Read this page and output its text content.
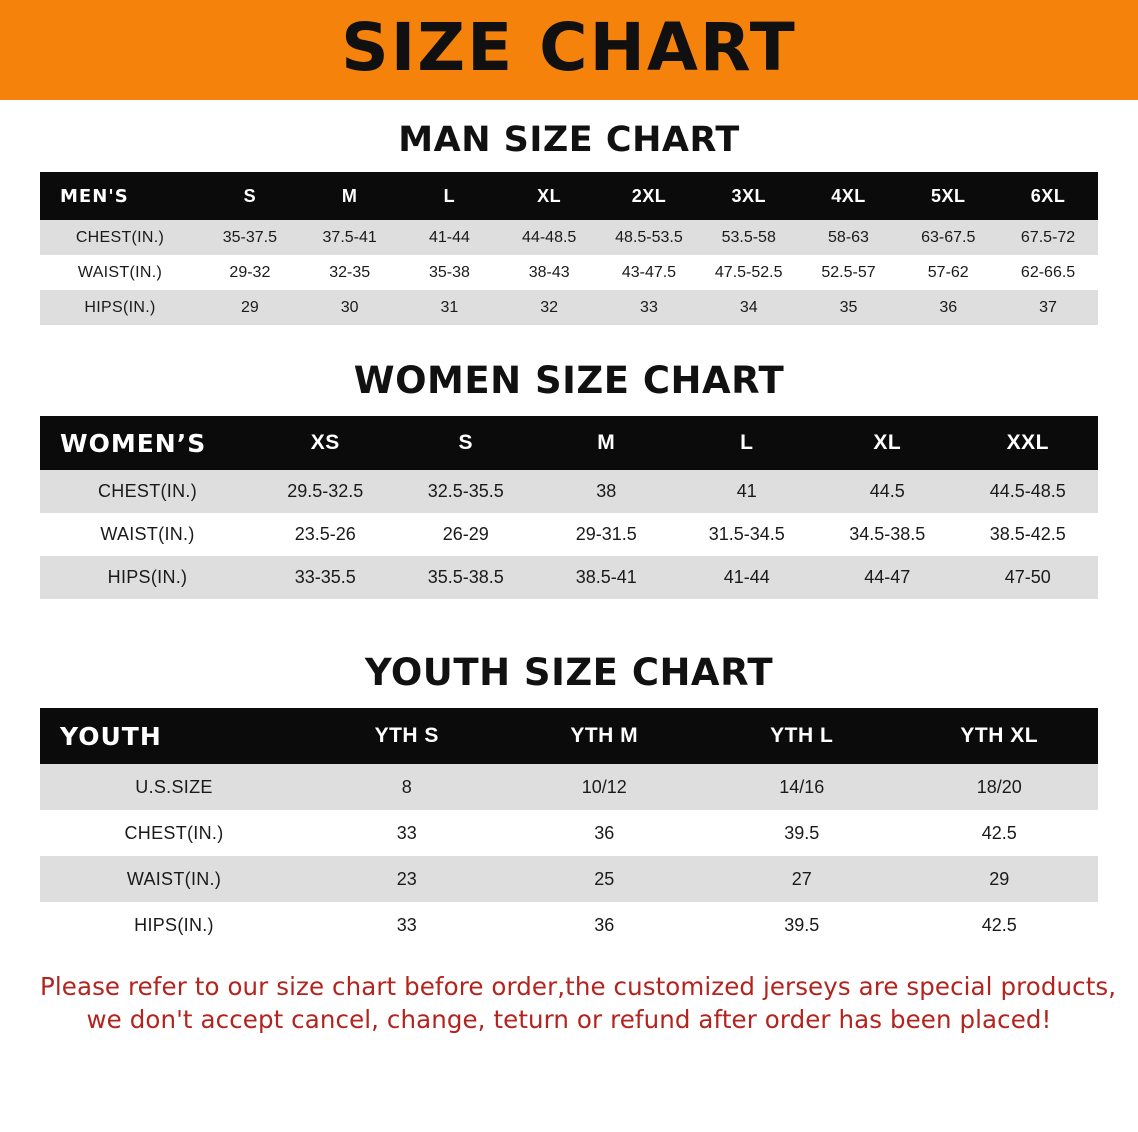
SIZE CHART
MAN SIZE CHART
MEN'S	S	M	L	XL	2XL	3XL	4XL	5XL	6XL
CHEST(IN.)	35-37.5	37.5-41	41-44	44-48.5	48.5-53.5	53.5-58	58-63	63-67.5	67.5-72
WAIST(IN.)	29-32	32-35	35-38	38-43	43-47.5	47.5-52.5	52.5-57	57-62	62-66.5
HIPS(IN.)	29	30	31	32	33	34	35	36	37
WOMEN SIZE CHART
WOMEN’S	XS	S	M	L	XL	XXL
CHEST(IN.)	29.5-32.5	32.5-35.5	38	41	44.5	44.5-48.5
WAIST(IN.)	23.5-26	26-29	29-31.5	31.5-34.5	34.5-38.5	38.5-42.5
HIPS(IN.)	33-35.5	35.5-38.5	38.5-41	41-44	44-47	47-50
YOUTH SIZE CHART
YOUTH	YTH S	YTH M	YTH L	YTH XL
U.S.SIZE	8	10/12	14/16	18/20
CHEST(IN.)	33	36	39.5	42.5
WAIST(IN.)	23	25	27	29
HIPS(IN.)	33	36	39.5	42.5
Please refer to our size chart before order,the customized jerseys are special products,
we don't accept cancel, change, teturn or refund after order has been placed!
